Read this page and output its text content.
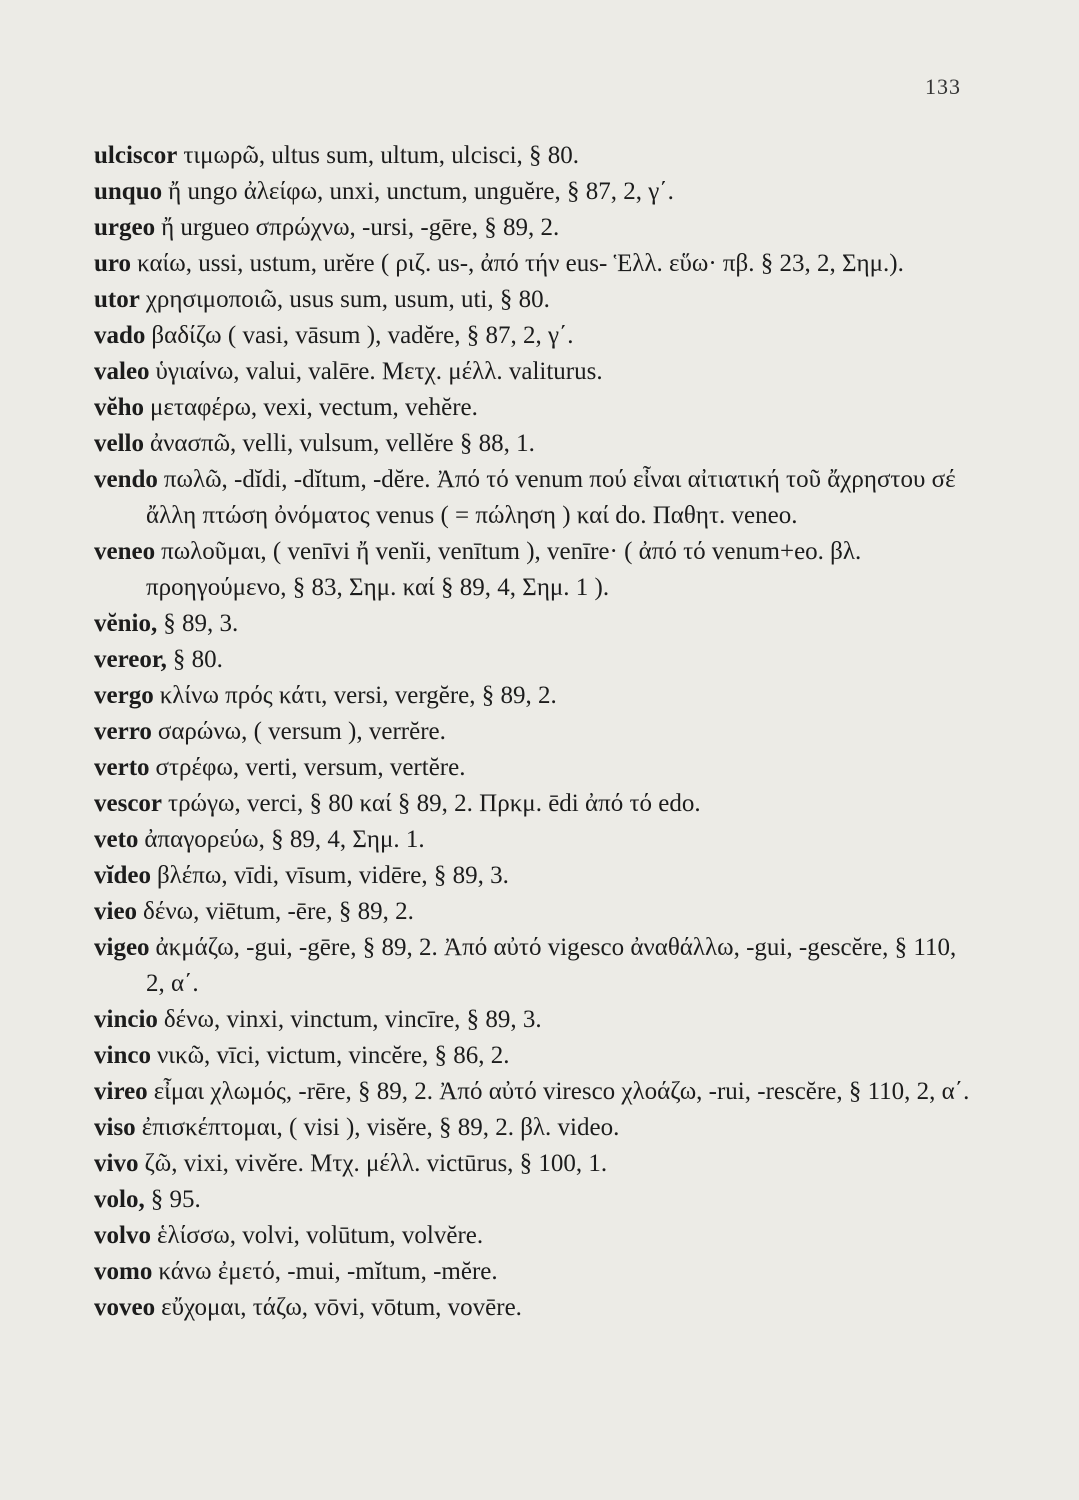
133
ulciscor τιμωρῶ, ultus sum, ultum, ulcisci, § 80.
unquo ἤ ungo ἀλείφω, unxi, unctum, unguĕre, § 87, 2, γ΄.
urgeo ἤ urgueo σπρώχνω, -ursi, -gēre, § 89, 2.
uro καίω, ussi, ustum, urĕre ( ριζ. us-, ἀπό τήν eus- Ἑλλ. εὕω· πβ. § 23, 2, Σημ.).
utor χρησιμοποιῶ, usus sum, usum, uti, § 80.
vado βαδίζω ( vasi, vāsum ), vadĕre, § 87, 2, γ΄.
valeo ὑγιαίνω, valui, valēre. Μετχ. μέλλ. valiturus.
vĕho μεταφέρω, vexi, vectum, vehĕre.
vello ἀνασπῶ, velli, vulsum, vellĕre § 88, 1.
vendo πωλῶ, -dĭdi, -dĭtum, -dĕre. Ἀπό τό venum πού εἶναι αἰτιατική τοῦ ἄχρηστου σέ ἄλλη πτώση ὀνόματος venus ( = πώληση ) καί do. Παθητ. veneo.
veneo πωλοῦμαι, ( venīvi ἤ venĭi, venītum ), venīre· ( ἀπό τό venum+eo. βλ. προηγούμενο, § 83, Σημ. καί § 89, 4, Σημ. 1 ).
vĕnio, § 89, 3.
vereor, § 80.
vergo κλίνω πρός κάτι, versi, vergĕre, § 89, 2.
verro σαρώνω, ( versum ), verrĕre.
verto στρέφω, verti, versum, vertĕre.
vescor τρώγω, verci, § 80 καί § 89, 2. Πρκμ. ēdi ἀπό τό edo.
veto ἀπαγορεύω, § 89, 4, Σημ. 1.
vĭdeo βλέπω, vīdi, vīsum, vidēre, § 89, 3.
vieo δένω, viētum, -ēre, § 89, 2.
vigeo ἀκμάζω, -gui, -gēre, § 89, 2. Ἀπό αὐτό vigesco ἀναθάλλω, -gui, -gescĕre, § 110, 2, α΄.
vincio δένω, vinxi, vinctum, vincīre, § 89, 3.
vinco νικῶ, vīci, victum, vincĕre, § 86, 2.
vireo εἶμαι χλωμός, -rēre, § 89, 2. Ἀπό αὐτό viresco χλοάζω, -rui, -rescĕre, § 110, 2, α΄.
viso ἐπισκέπτομαι, ( visi ), visĕre, § 89, 2. βλ. video.
vivo ζῶ, vixi, vivĕre. Μτχ. μέλλ. victūrus, § 100, 1.
volo, § 95.
volvo ἑλίσσω, volvi, volūtum, volvĕre.
vomo κάνω ἐμετό, -mui, -mĭtum, -mĕre.
voveo εὔχομαι, τάζω, vōvi, vōtum, vovēre.
